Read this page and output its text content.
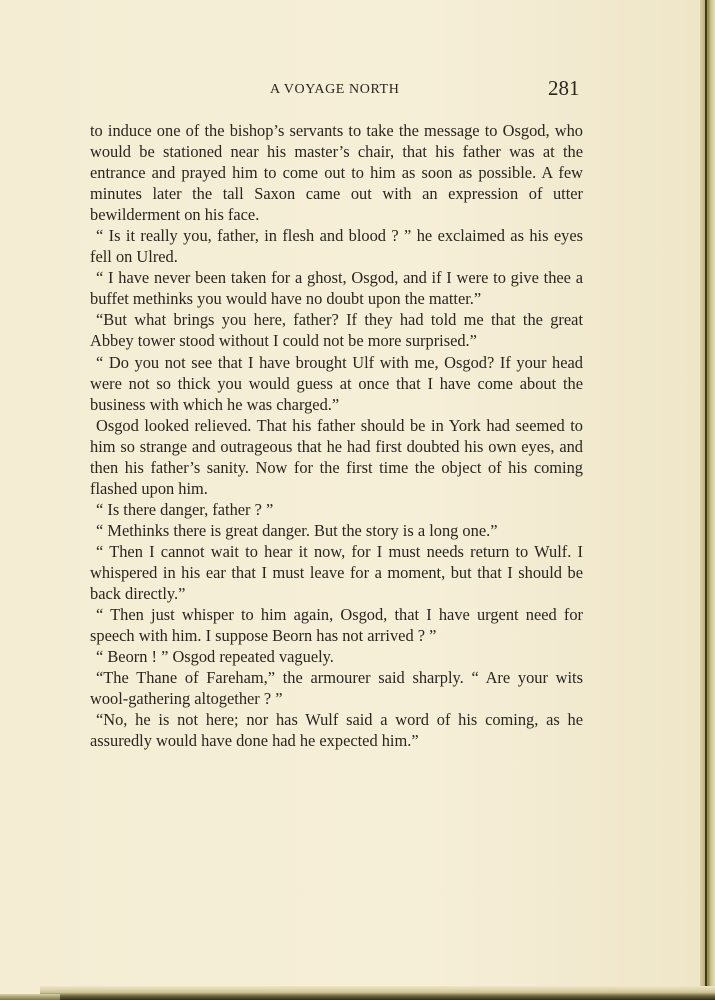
A VOYAGE NORTH	281

to induce one of the bishop’s servants to take the message to Osgod, who would be stationed near his master’s chair, that his father was at the entrance and prayed him to come out to him as soon as possible. A few minutes later the tall Saxon came out with an expression of utter bewilderment on his face.

“ Is it really you, father, in flesh and blood ? ” he exclaimed as his eyes fell on Ulred.

“ I have never been taken for a ghost, Osgod, and if I were to give thee a buffet methinks you would have no doubt upon the matter.”

“But what brings you here, father? If they had told me that the great Abbey tower stood without I could not be more surprised.”

“ Do you not see that I have brought Ulf with me, Osgod? If your head were not so thick you would guess at once that I have come about the business with which he was charged.”

Osgod looked relieved. That his father should be in York had seemed to him so strange and outrageous that he had first doubted his own eyes, and then his father’s sanity. Now for the first time the object of his coming flashed upon him.

“ Is there danger, father ? ”

“ Methinks there is great danger. But the story is a long one.”

“ Then I cannot wait to hear it now, for I must needs return to Wulf. I whispered in his ear that I must leave for a moment, but that I should be back directly.”

“ Then just whisper to him again, Osgod, that I have urgent need for speech with him. I suppose Beorn has not arrived ? ”

“ Beorn ! ” Osgod repeated vaguely.

“The Thane of Fareham,” the armourer said sharply. “ Are your wits wool-gathering altogether ? ”

“No, he is not here; nor has Wulf said a word of his coming, as he assuredly would have done had he expected him.”
